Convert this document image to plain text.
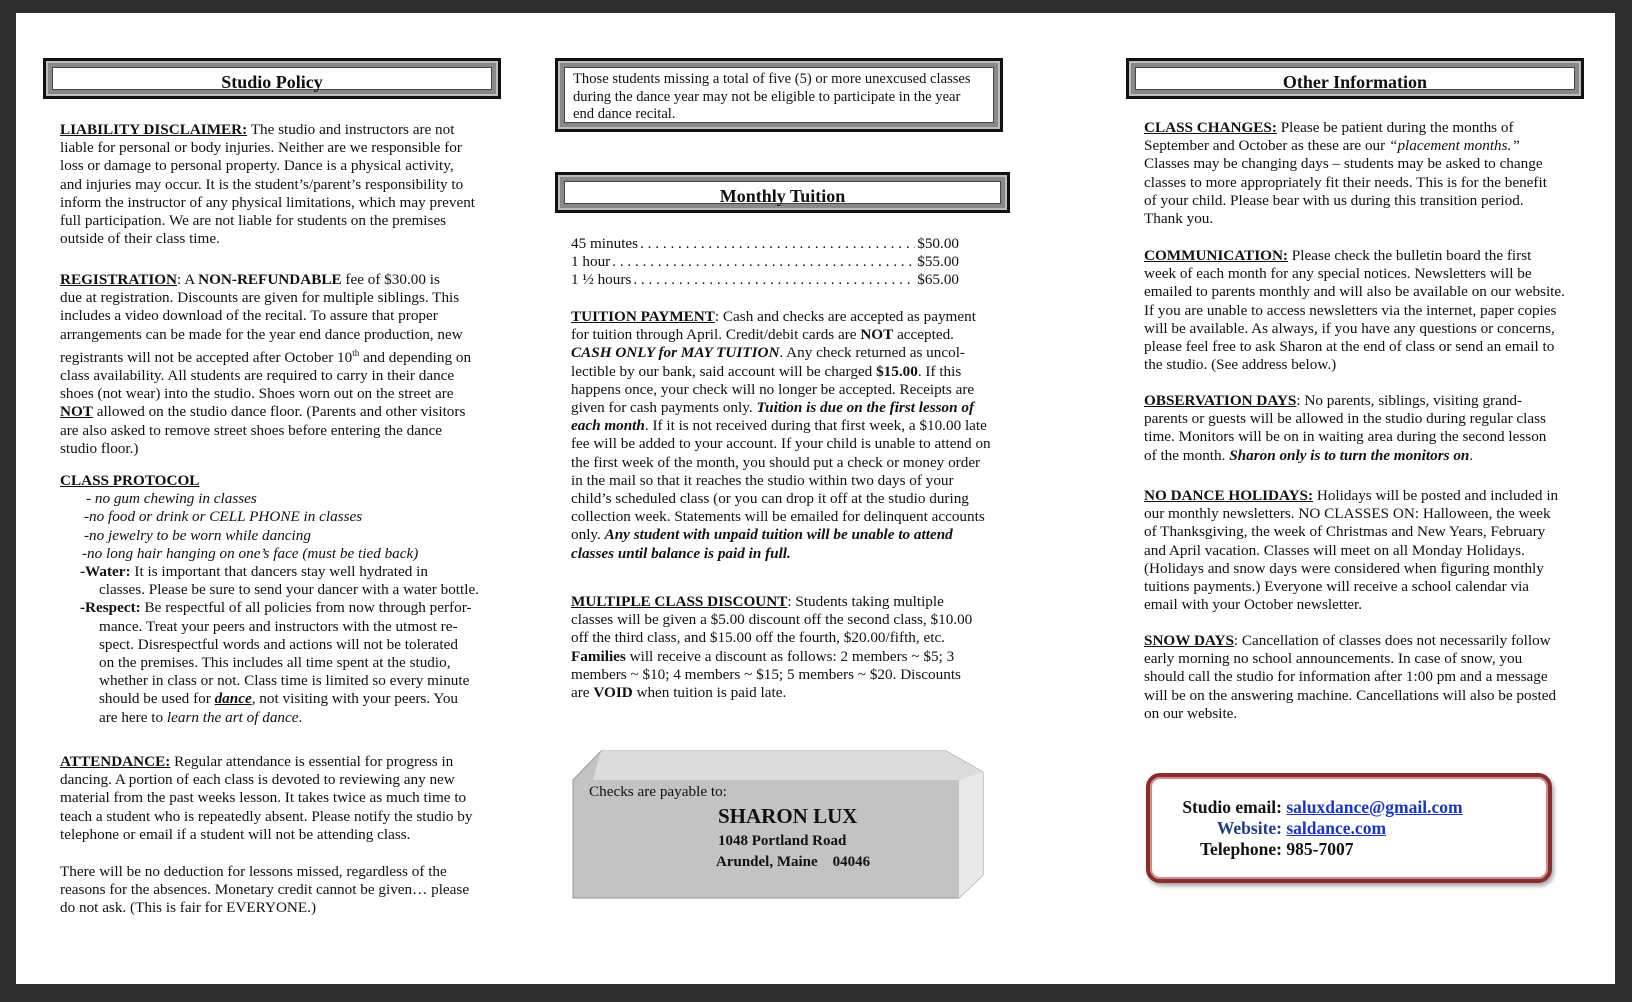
Studio Policy
LIABILITY DISCLAIMER: The studio and instructors are not
liable for personal or body injuries. Neither are we responsible for
loss or damage to personal property. Dance is a physical activity,
and injuries may occur. It is the student’s/parent’s responsibility to
inform the instructor of any physical limitations, which may prevent
full participation. We are not liable for students on the premises
outside of their class time.
REGISTRATION: A NON-REFUNDABLE fee of $30.00 is
due at registration. Discounts are given for multiple siblings. This
includes a video download of the recital. To assure that proper
arrangements can be made for the year end dance production, new
registrants will not be accepted after October 10th and depending on
class availability. All students are required to carry in their dance
shoes (not wear) into the studio. Shoes worn out on the street are
NOT allowed on the studio dance floor. (Parents and other visitors
are also asked to remove street shoes before entering the dance
studio floor.)
CLASS PROTOCOL
- no gum chewing in classes
-no food or drink or CELL PHONE in classes
-no jewelry to be worn while dancing
-no long hair hanging on one’s face (must be tied back)
-Water: It is important that dancers stay well hydrated in
classes. Please be sure to send your dancer with a water bottle.
-Respect: Be respectful of all policies from now through perfor-
mance. Treat your peers and instructors with the utmost re-
spect. Disrespectful words and actions will not be tolerated
on the premises. This includes all time spent at the studio,
whether in class or not. Class time is limited so every minute
should be used for dance, not visiting with your peers. You
are here to learn the art of dance.
ATTENDANCE: Regular attendance is essential for progress in
dancing. A portion of each class is devoted to reviewing any new
material from the past weeks lesson. It takes twice as much time to
teach a student who is repeatedly absent. Please notify the studio by
telephone or email if a student will not be attending class.
There will be no deduction for lessons missed, regardless of the
reasons for the absences. Monetary credit cannot be given… please
do not ask. (This is fair for EVERYONE.)
Those students missing a total of five (5) or more unexcused classes
during the dance year may not be eligible to participate in the year
end dance recital.
Monthly Tuition
45 minutes . . .	$50.00
1 hour . . .	$55.00
1 ½ hours . . .	$65.00
TUITION PAYMENT: Cash and checks are accepted as payment
for tuition through April. Credit/debit cards are NOT accepted.
CASH ONLY for MAY TUITION. Any check returned as uncol-
lectible by our bank, said account will be charged $15.00. If this
happens once, your check will no longer be accepted. Receipts are
given for cash payments only. Tuition is due on the first lesson of
each month. If it is not received during that first week, a $10.00 late
fee will be added to your account. If your child is unable to attend on
the first week of the month, you should put a check or money order
in the mail so that it reaches the studio within two days of your
child’s scheduled class (or you can drop it off at the studio during
collection week. Statements will be emailed for delinquent accounts
only. Any student with unpaid tuition will be unable to attend
classes until balance is paid in full.
MULTIPLE CLASS DISCOUNT: Students taking multiple
classes will be given a $5.00 discount off the second class, $10.00
off the third class, and $15.00 off the fourth, $20.00/fifth, etc.
Families will receive a discount as follows: 2 members ~ $5; 3
members ~ $10; 4 members ~ $15; 5 members ~ $20. Discounts
are VOID when tuition is paid late.
Checks are payable to:
SHARON LUX
1048 Portland Road
Arundel, Maine    04046
Other Information
CLASS CHANGES: Please be patient during the months of
September and October as these are our “placement months.”
Classes may be changing days – students may be asked to change
classes to more appropriately fit their needs. This is for the benefit
of your child. Please bear with us during this transition period.
Thank you.
COMMUNICATION: Please check the bulletin board the first
week of each month for any special notices. Newsletters will be
emailed to parents monthly and will also be available on our website.
If you are unable to access newsletters via the internet, paper copies
will be available. As always, if you have any questions or concerns,
please feel free to ask Sharon at the end of class or send an email to
the studio. (See address below.)
OBSERVATION DAYS: No parents, siblings, visiting grand-
parents or guests will be allowed in the studio during regular class
time. Monitors will be on in waiting area during the second lesson
of the month. Sharon only is to turn the monitors on.
NO DANCE HOLIDAYS: Holidays will be posted and included in
our monthly newsletters. NO CLASSES ON: Halloween, the week
of Thanksgiving, the week of Christmas and New Years, February
and April vacation. Classes will meet on all Monday Holidays.
(Holidays and snow days were considered when figuring monthly
tuitions payments.) Everyone will receive a school calendar via
email with your October newsletter.
SNOW DAYS: Cancellation of classes does not necessarily follow
early morning no school announcements. In case of snow, you
should call the studio for information after 1:00 pm and a message
will be on the answering machine. Cancellations will also be posted
on our website.
Studio email: saluxdance@gmail.com
Website: saldance.com
Telephone: 985-7007
